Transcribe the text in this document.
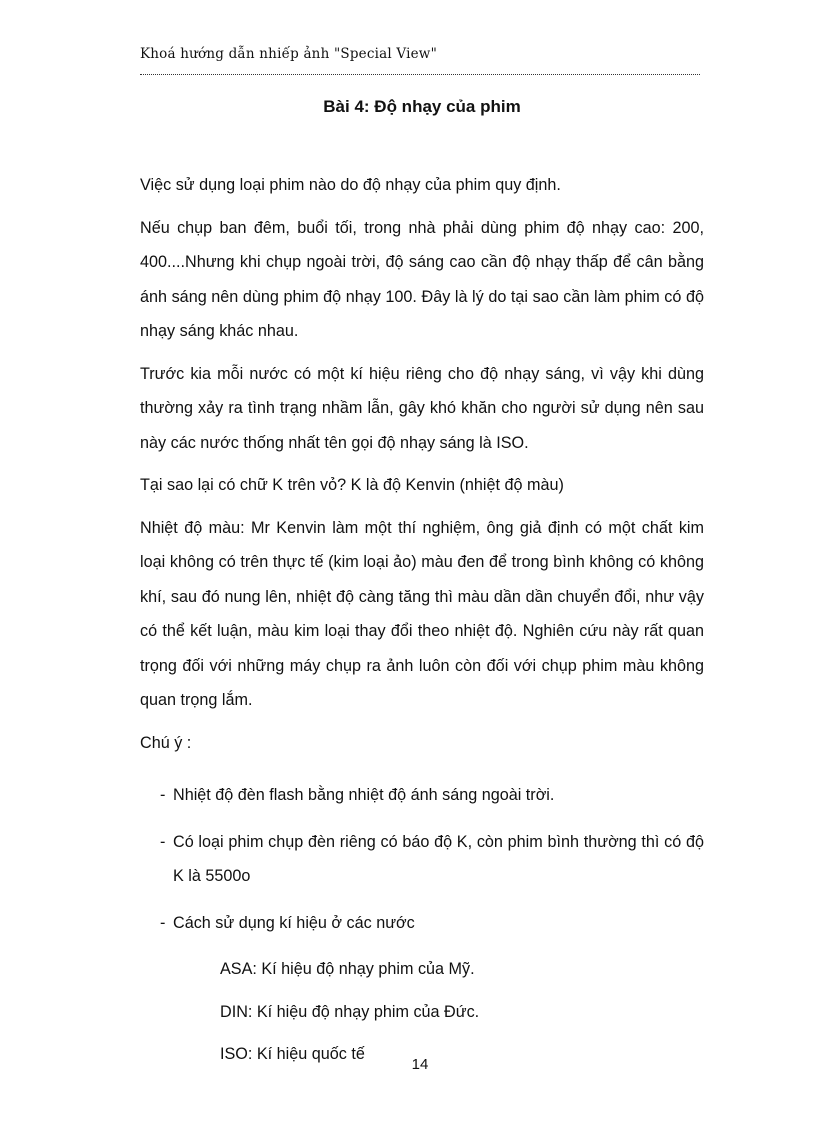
Khoá hướng dẫn nhiếp ảnh "Special View"
Bài 4: Độ nhạy của phim

Việc sử dụng loại phim nào do độ nhạy của phim quy định.

Nếu chụp ban đêm, buổi tối, trong nhà phải dùng phim độ nhạy cao: 200, 400....Nhưng khi chụp ngoài trời, độ sáng cao cần độ nhạy thấp để cân bằng ánh sáng nên dùng phim độ nhạy 100. Đây là lý do tại sao cần làm phim có độ nhạy sáng khác nhau.

Trước kia mỗi nước có một kí hiệu riêng cho độ nhạy sáng, vì vậy khi dùng thường xảy ra tình trạng nhầm lẫn, gây khó khăn cho người sử dụng nên sau này các nước thống nhất tên gọi độ nhạy sáng là ISO.

Tại sao lại có chữ K trên vỏ? K là độ Kenvin (nhiệt độ màu)

Nhiệt độ màu: Mr Kenvin làm một thí nghiệm, ông giả định có một chất kim loại không có trên thực tế (kim loại ảo) màu đen để trong bình không có không khí, sau đó nung lên, nhiệt độ càng tăng thì màu dần dần chuyển đổi, như vậy có thể kết luận, màu kim loại thay đổi theo nhiệt độ. Nghiên cứu này rất quan trọng đối với những máy chụp ra ảnh luôn còn đối với chụp phim màu không quan trọng lắm.

Chú ý :

- Nhiệt độ đèn flash bằng nhiệt độ ánh sáng ngoài trời.
- Có loại phim chụp đèn riêng có báo độ K, còn phim bình thường thì có độ K là 5500o
- Cách sử dụng kí hiệu ở các nước
ASA: Kí hiệu độ nhạy phim của Mỹ.
DIN: Kí hiệu độ nhạy phim của Đức.
ISO: Kí hiệu quốc tế
14
